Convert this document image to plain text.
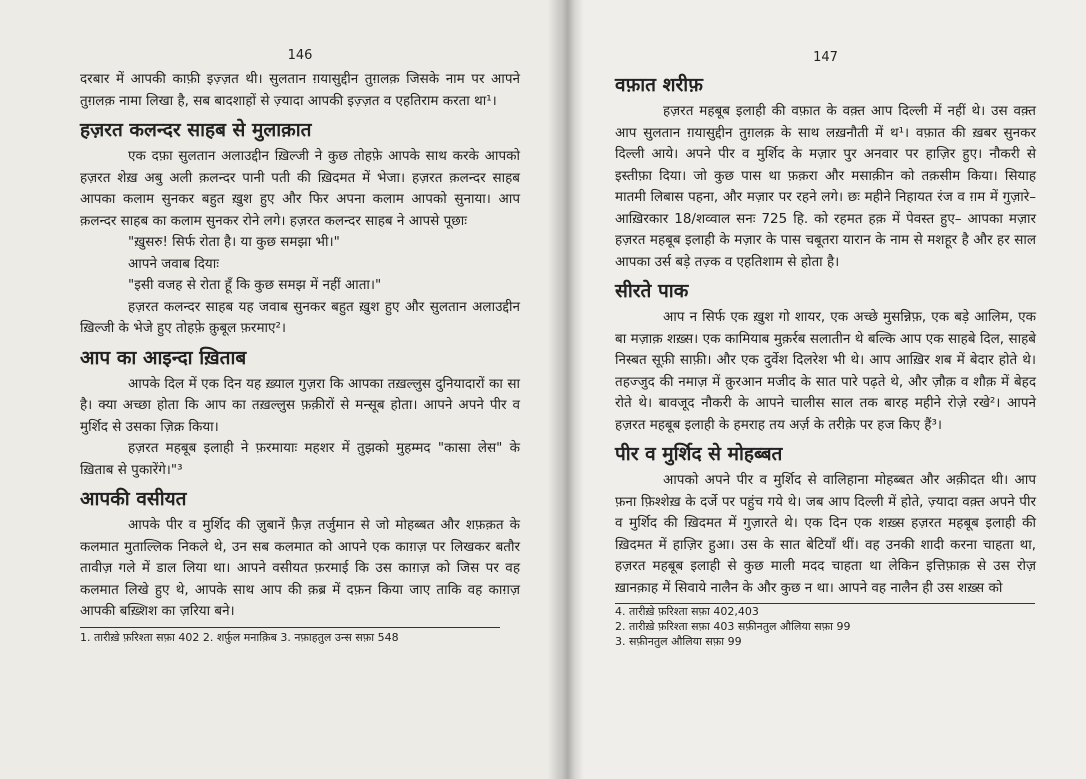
146

दरबार में आपकी काफ़ी इज़्ज़त थी। सुलतान ग़यासुद्दीन तुग़लक़ जिसके नाम पर आपने तुग़लक़ नामा लिखा है, सब बादशाहों से ज़्यादा आपकी इज़्ज़त व एहतिराम करता था¹।

हज़रत कलन्दर साहब से मुलाक़ात

एक दफ़ा सुलतान अलाउद्दीन ख़िल्जी ने कुछ तोहफ़े आपके साथ करके आपको हज़रत शेख़ अबु अली क़लन्दर पानी पती की ख़िदमत में भेजा। हज़रत क़लन्दर साहब आपका कलाम सुनकर बहुत ख़ुश हुए और फिर अपना कलाम आपको सुनाया। आप क़लन्दर साहब का कलाम सुनकर रोने लगे। हज़रत कलन्दर साहब ने आपसे पूछाः

"ख़ुसरु! सिर्फ रोता है। या कुछ समझा भी।"

आपने जवाब दियाः

"इसी वजह से रोता हूँ कि कुछ समझ में नहीं आता।"

हज़रत कलन्दर साहब यह जवाब सुनकर बहुत ख़ुश हुए और सुलतान अलाउद्दीन ख़िल्जी के भेजे हुए तोहफ़े क़ुबूल फ़रमाए²।

आप का आइन्दा ख़िताब

आपके दिल में एक दिन यह ख़्याल गुज़रा कि आपका तख़ल्लुस दुनियादारों का सा है। क्या अच्छा होता कि आप का तख़ल्लुस फ़क़ीरों से मन्सूब होता। आपने अपने पीर व मुर्शिद से उसका ज़िक्र किया।

हज़रत महबूब इलाही ने फ़रमायाः महशर में तुझको मुहम्मद "कासा लेस" के ख़िताब से पुकारेंगे।"³

आपकी वसीयत

आपके पीर व मुर्शिद की ज़ुबानें फ़ैज़ तर्जुमान से जो मोहब्बत और शफ़क़त के कलमात मुताल्लिक निकले थे, उन सब कलमात को आपने एक काग़ज़ पर लिखकर बतौर तावीज़ गले में डाल लिया था। आपने वसीयत फ़रमाई कि उस काग़ज़ को जिस पर वह कलमात लिखे हुए थे, आपके साथ आप की क़ब्र में दफ़न किया जाए ताकि वह काग़ज़ आपकी बख़्शिश का ज़रिया बने।

1. तारीख़े फ़रिश्ता सफ़ा 402 2. शर्फ़ुल मनाक़िब 3. नफ़ाहतुल उन्स सफ़ा 548
147
वफ़ात शरीफ़

हज़रत महबूब इलाही की वफ़ात के वक़्त आप दिल्ली में नहीं थे। उस वक़्त आप सुलतान ग़यासुद्दीन तुग़लक़ के साथ लख़नौती में थ¹। वफ़ात की ख़बर सुनकर दिल्ली आये। अपने पीर व मुर्शिद के मज़ार पुर अनवार पर हाज़िर हुए। नौकरी से इस्तीफ़ा दिया। जो कुछ पास था फ़क़रा और मसाक़ीन को तक़सीम किया। सियाह मातमी लिबास पहना, और मज़ार पर रहने लगे। छः महीने निहायत रंज व ग़म में गुज़ारे–आख़िरकार 18/शव्वाल सनः 725 हि. को रहमत हक़ में पेवस्त हुए– आपका मज़ार हज़रत महबूब इलाही के मज़ार के पास चबूतरा यारान के नाम से मशहूर है और हर साल आपका उर्स बड़े तज़्क व एहतिशाम से होता है।

सीरते पाक

आप न सिर्फ एक ख़ुश गो शायर, एक अच्छे मुसन्निफ़, एक बड़े आलिम, एक बा मज़ाक़ शख़्स। एक कामियाब मुक़र्रब सलातीन थे बल्कि आप एक साहबे दिल, साहबे निस्बत सूफ़ी साफ़ी। और एक दुर्वेश दिलरेश भी थे। आप आख़िर शब में बेदार होते थे। तहज्जुद की नमाज़ में क़ुरआन मजीद के सात पारे पढ़ते थे, और ज़ौक़ व शौक़ में बेहद रोते थे। बावजूद नौकरी के आपने चालीस साल तक बारह महीने रोज़े रखे²। आपने हज़रत महबूब इलाही के हमराह तय अर्ज़ के तरीक़े पर हज किए हैं³।

पीर व मुर्शिद से मोहब्बत

आपको अपने पीर व मुर्शिद से वालिहाना मोहब्बत और अक़ीदत थी। आप फ़ना फ़िश्शेख़ के दर्जे पर पहुंच गये थे। जब आप दिल्ली में होते, ज़्यादा वक़्त अपने पीर व मुर्शिद की ख़िदमत में गुज़ारते थे। एक दिन एक शख़्स हज़रत महबूब इलाही की ख़िदमत में हाज़िर हुआ। उस के सात बेटियाँ थीं। वह उनकी शादी करना चाहता था, हज़रत महबूब इलाही से कुछ माली मदद चाहता था लेकिन इत्तिफ़ाक़ से उस रोज़ ख़ानक़ाह में सिवाये नालैन के और कुछ न था। आपने वह नालैन ही उस शख़्स को

4. तारीख़े फ़रिश्ता सफ़ा 402,403
2. तारीख़े फ़रिश्ता सफ़ा 403 सफ़ीनतुल औलिया सफ़ा 99
3. सफ़ीनतुल औलिया सफ़ा 99
